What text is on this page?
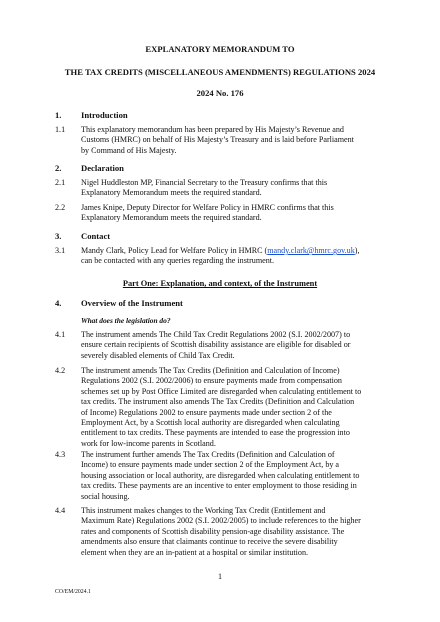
EXPLANATORY MEMORANDUM TO
THE TAX CREDITS (MISCELLANEOUS AMENDMENTS) REGULATIONS 2024
2024 No. 176
1.	Introduction
1.1	This explanatory memorandum has been prepared by His Majesty’s Revenue and
Customs (HMRC) on behalf of His Majesty’s Treasury and is laid before Parliament
by Command of His Majesty.
2.	Declaration
2.1	Nigel Huddleston MP, Financial Secretary to the Treasury confirms that this
Explanatory Memorandum meets the required standard.
2.2	James Knipe, Deputy Director for Welfare Policy in HMRC confirms that this
Explanatory Memorandum meets the required standard.
3.	Contact
3.1	Mandy Clark, Policy Lead for Welfare Policy in HMRC (mandy.clark@hmrc.gov.uk),
can be contacted with any queries regarding the instrument.
Part One: Explanation, and context, of the Instrument
4.	Overview of the Instrument
What does the legislation do?
4.1	The instrument amends The Child Tax Credit Regulations 2002 (S.I. 2002/2007) to
ensure certain recipients of Scottish disability assistance are eligible for disabled or
severely disabled elements of Child Tax Credit.
4.2	The instrument amends The Tax Credits (Definition and Calculation of Income)
Regulations 2002 (S.I. 2002/2006) to ensure payments made from compensation
schemes set up by Post Office Limited are disregarded when calculating entitlement to
tax credits. The instrument also amends The Tax Credits (Definition and Calculation
of Income) Regulations 2002 to ensure payments made under section 2 of the
Employment Act, by a Scottish local authority are disregarded when calculating
entitlement to tax credits. These payments are intended to ease the progression into
work for low-income parents in Scotland.
4.3	The instrument further amends The Tax Credits (Definition and Calculation of
Income) to ensure payments made under section 2 of the Employment Act, by a
housing association or local authority, are disregarded when calculating entitlement to
tax credits. These payments are an incentive to enter employment to those residing in
social housing.
4.4	This instrument makes changes to the Working Tax Credit (Entitlement and
Maximum Rate) Regulations 2002 (S.I. 2002/2005) to include references to the higher
rates and components of Scottish disability pension-age disability assistance. The
amendments also ensure that claimants continue to receive the severe disability
element when they are an in-patient at a hospital or similar institution.
1
CO/EM/2024.1
